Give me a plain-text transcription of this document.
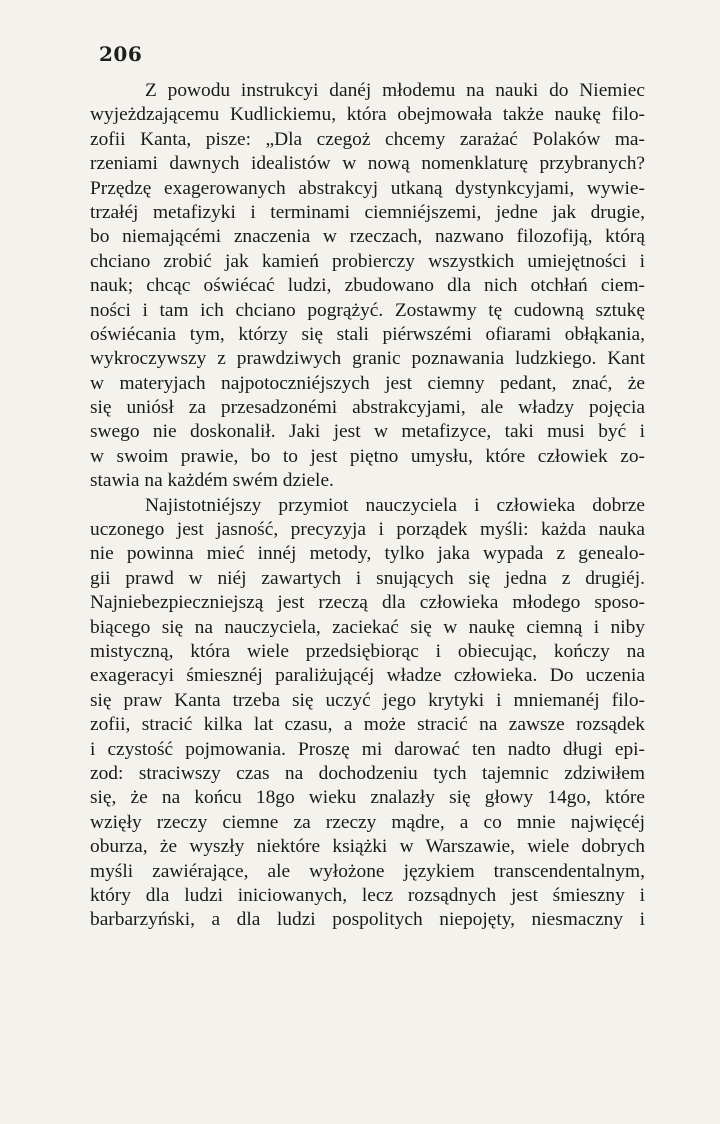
206
Z powodu instrukcyi danéj młodemu na nauki do Niemiec
wyjeżdzającemu Kudlickiemu, która obejmowała także naukę filo-
zofii Kanta, pisze: „Dla czegoż chcemy zarażać Polaków ma-
rzeniami dawnych idealistów w nową nomenklaturę przybranych?
Przędzę exagerowanych abstrakcyj utkaną dystynkcyjami, wywie-
trzałéj metafizyki i terminami ciemniéjszemi, jedne jak drugie,
bo niemającémi znaczenia w rzeczach, nazwano filozofiją, którą
chciano zrobić jak kamień probierczy wszystkich umiejętności i
nauk; chcąc oświécać ludzi, zbudowano dla nich otchłań ciem-
ności i tam ich chciano pogrążyć. Zostawmy tę cudowną sztukę
oświécania tym, którzy się stali piérwszémi ofiarami obłąkania,
wykroczywszy z prawdziwych granic poznawania ludzkiego. Kant
w materyjach najpotoczniéjszych jest ciemny pedant, znać, że
się uniósł za przesadzonémi abstrakcyjami, ale władzy pojęcia
swego nie doskonalił. Jaki jest w metafizyce, taki musi być i
w swoim prawie, bo to jest piętno umysłu, które człowiek zo-
stawia na każdém swém dziele.
Najistotniéjszy przymiot nauczyciela i człowieka dobrze
uczonego jest jasność, precyzyja i porządek myśli: każda nauka
nie powinna mieć innéj metody, tylko jaka wypada z genealo-
gii prawd w niéj zawartych i snujących się jedna z drugiéj.
Najniebezpieczniejszą jest rzeczą dla człowieka młodego sposo-
biącego się na nauczyciela, zaciekać się w naukę ciemną i niby
mistyczną, która wiele przedsiębiorąc i obiecując, kończy na
exageracyi śmiesznéj paraliżującéj władze człowieka. Do uczenia
się praw Kanta trzeba się uczyć jego krytyki i mniemanéj filo-
zofii, stracić kilka lat czasu, a może stracić na zawsze rozsądek
i czystość pojmowania. Proszę mi darować ten nadto długi epi-
zod: straciwszy czas na dochodzeniu tych tajemnic zdziwiłem
się, że na końcu 18go wieku znalazły się głowy 14go, które
wzięły rzeczy ciemne za rzeczy mądre, a co mnie najwięcéj
oburza, że wyszły niektóre książki w Warszawie, wiele dobrych
myśli zawiérające, ale wyłożone językiem transcendentalnym,
który dla ludzi iniciowanych, lecz rozsądnych jest śmieszny i
barbarzyński, a dla ludzi pospolitych niepojęty, niesmaczny i
